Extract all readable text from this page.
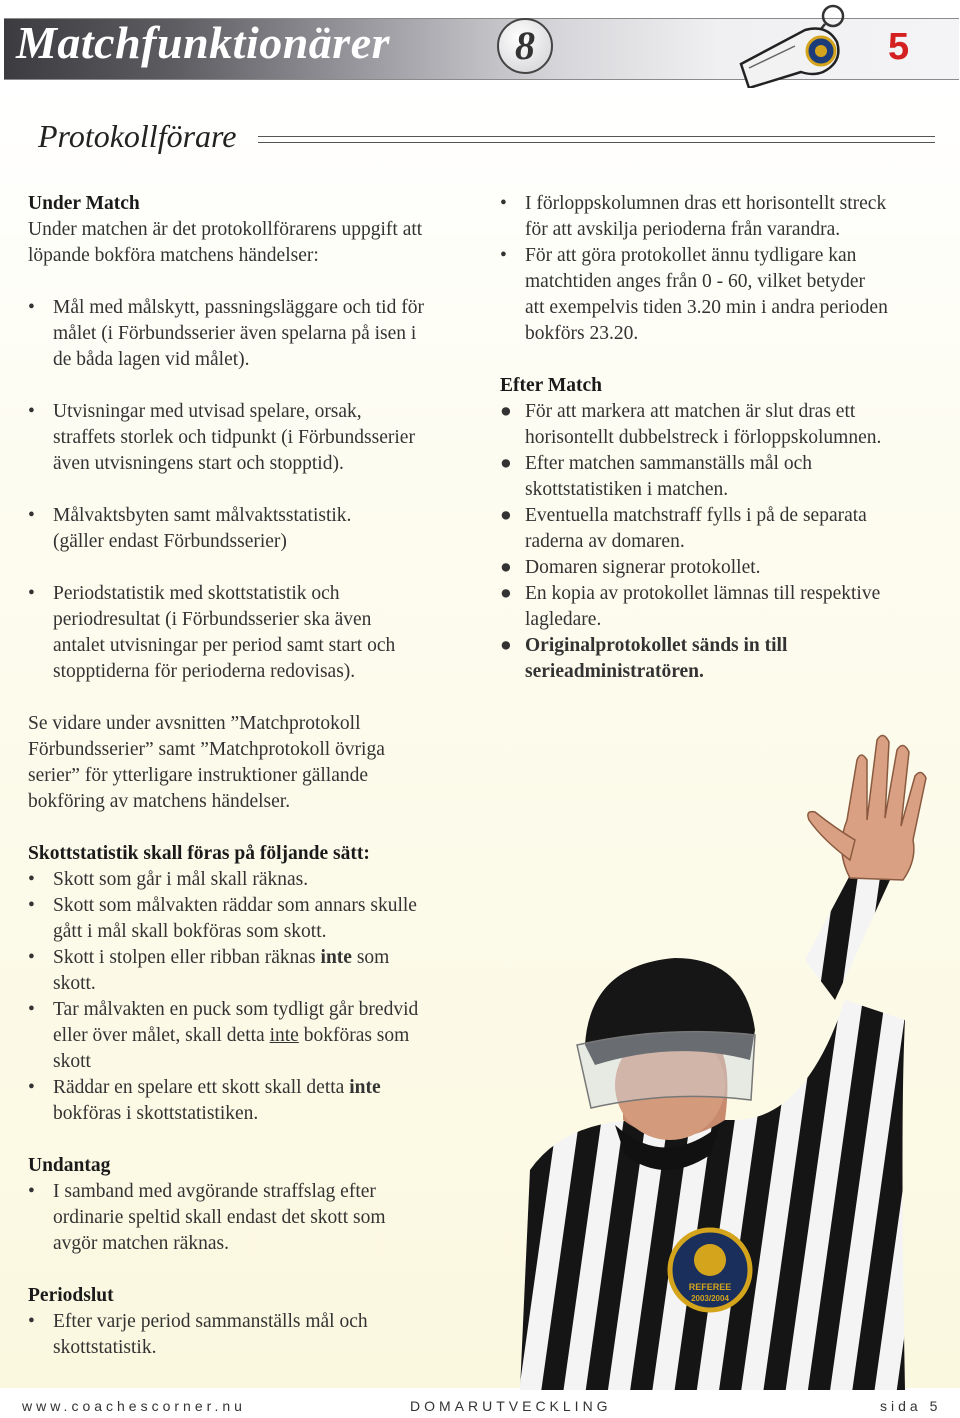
Matchfunktionärer	8	5
Protokollförare

Under Match

Under matchen är det protokollförarens uppgift att

löpande bokföra matchens händelser:

• Mål med målskytt, passningsläggare och tid för
målet (i Förbundsserier även spelarna på isen i
de båda lagen vid målet).
• Utvisningar med utvisad spelare, orsak,
straffets storlek och tidpunkt (i Förbundsserier
även utvisningens start och stopptid).
• Målvaktsbyten samt målvaktsstatistik.
(gäller endast Förbundsserier)
• Periodstatistik med skottstatistik och
periodresultat (i Förbundsserier ska även
antalet utvisningar per period samt start och
stopptiderna för perioderna redovisas).

Se vidare under avsnitten ”Matchprotokoll
Förbundsserier” samt ”Matchprotokoll övriga
serier” för ytterligare instruktioner gällande
bokföring av matchens händelser.

Skottstatistik skall föras på följande sätt:

• Skott som går i mål skall räknas.
• Skott som målvakten räddar som annars skulle
gått i mål skall bokföras som skott.
• Skott i stolpen eller ribban räknas inte som
skott.
• Tar målvakten en puck som tydligt går bredvid
eller över målet, skall detta inte bokföras som
skott
• Räddar en spelare ett skott skall detta inte
bokföras i skottstatistiken.

Undantag

• I samband med avgörande straffslag efter
ordinarie speltid skall endast det skott som
avgör matchen räknas.

Periodslut

• Efter varje period sammanställs mål och
skottstatistik.
• I förloppskolumnen dras ett horisontellt streck
för att avskilja perioderna från varandra.
• För att göra protokollet ännu tydligare kan
matchtiden anges från 0 - 60, vilket betyder
att exempelvis tiden 3.20 min i andra perioden
bokförs 23.20.

Efter Match

● För att markera att matchen är slut dras ett
horisontellt dubbelstreck i förloppskolumnen.
● Efter matchen sammanställs mål och
skottstatistiken i matchen.
● Eventuella matchstraff fylls i på de separata
raderna av domaren.
● Domaren signerar protokollet.
● En kopia av protokollet lämnas till respektive
lagledare.
● Originalprotokollet sänds in till
serieadministratören.
REFEREE
2003/2004
www.coachescorner.nu	DOMARUTVECKLING	sida 5
